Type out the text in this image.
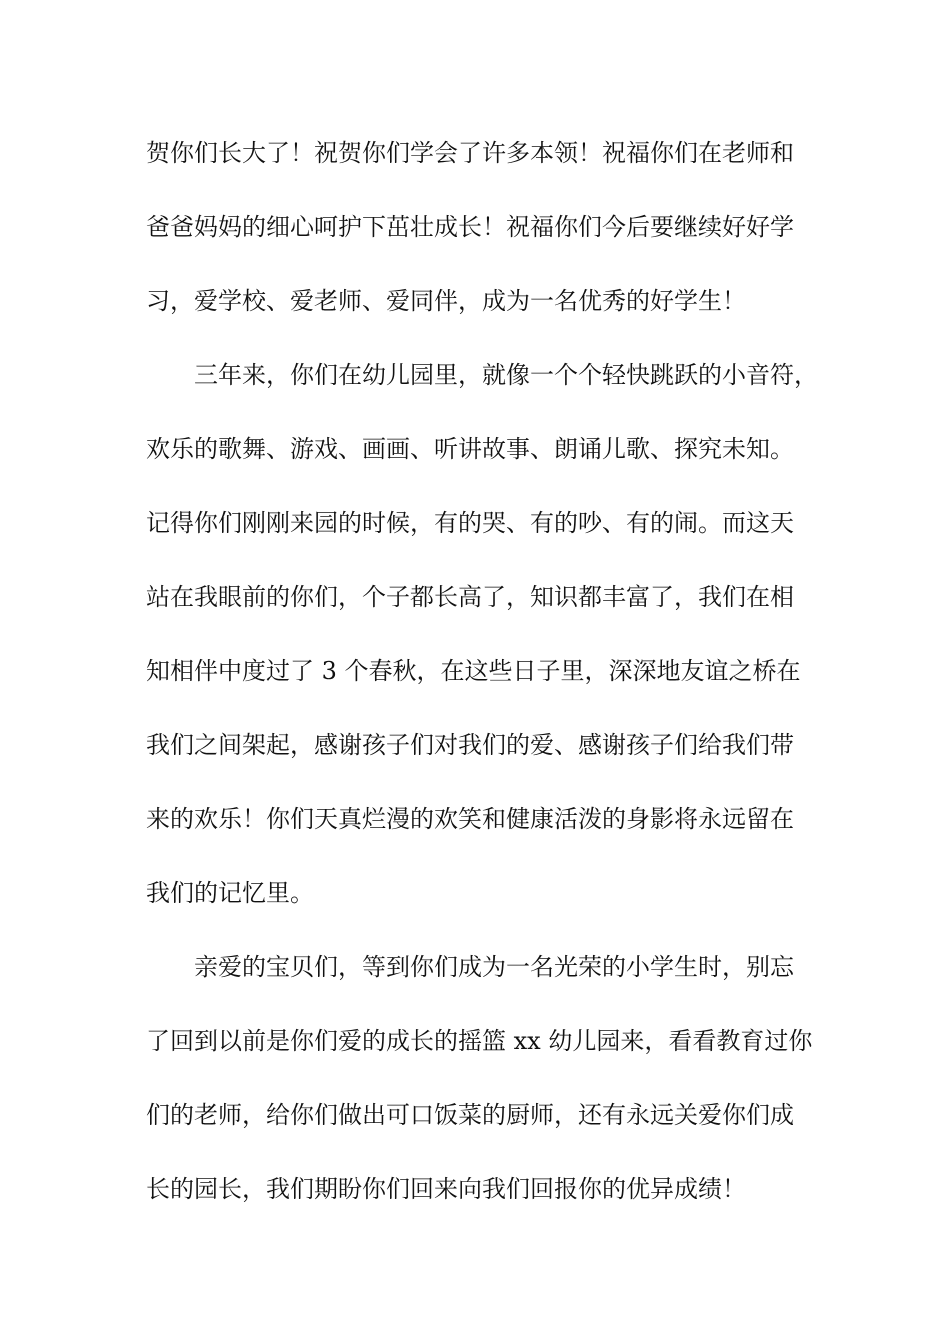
贺你们长大了！祝贺你们学会了许多本领！祝福你们在老师和
爸爸妈妈的细心呵护下茁壮成长！祝福你们今后要继续好好学
习，爱学校、爱老师、爱同伴，成为一名优秀的好学生！
三年来，你们在幼儿园里，就像一个个轻快跳跃的小音符，
欢乐的歌舞、游戏、画画、听讲故事、朗诵儿歌、探究未知。
记得你们刚刚来园的时候，有的哭、有的吵、有的闹。而这天
站在我眼前的你们，个子都长高了，知识都丰富了，我们在相
知相伴中度过了 3 个春秋，在这些日子里，深深地友谊之桥在
我们之间架起，感谢孩子们对我们的爱、感谢孩子们给我们带
来的欢乐！你们天真烂漫的欢笑和健康活泼的身影将永远留在
我们的记忆里。
亲爱的宝贝们，等到你们成为一名光荣的小学生时，别忘
了回到以前是你们爱的成长的摇篮 xx 幼儿园来，看看教育过你
们的老师，给你们做出可口饭菜的厨师，还有永远关爱你们成
长的园长，我们期盼你们回来向我们回报你的优异成绩！
